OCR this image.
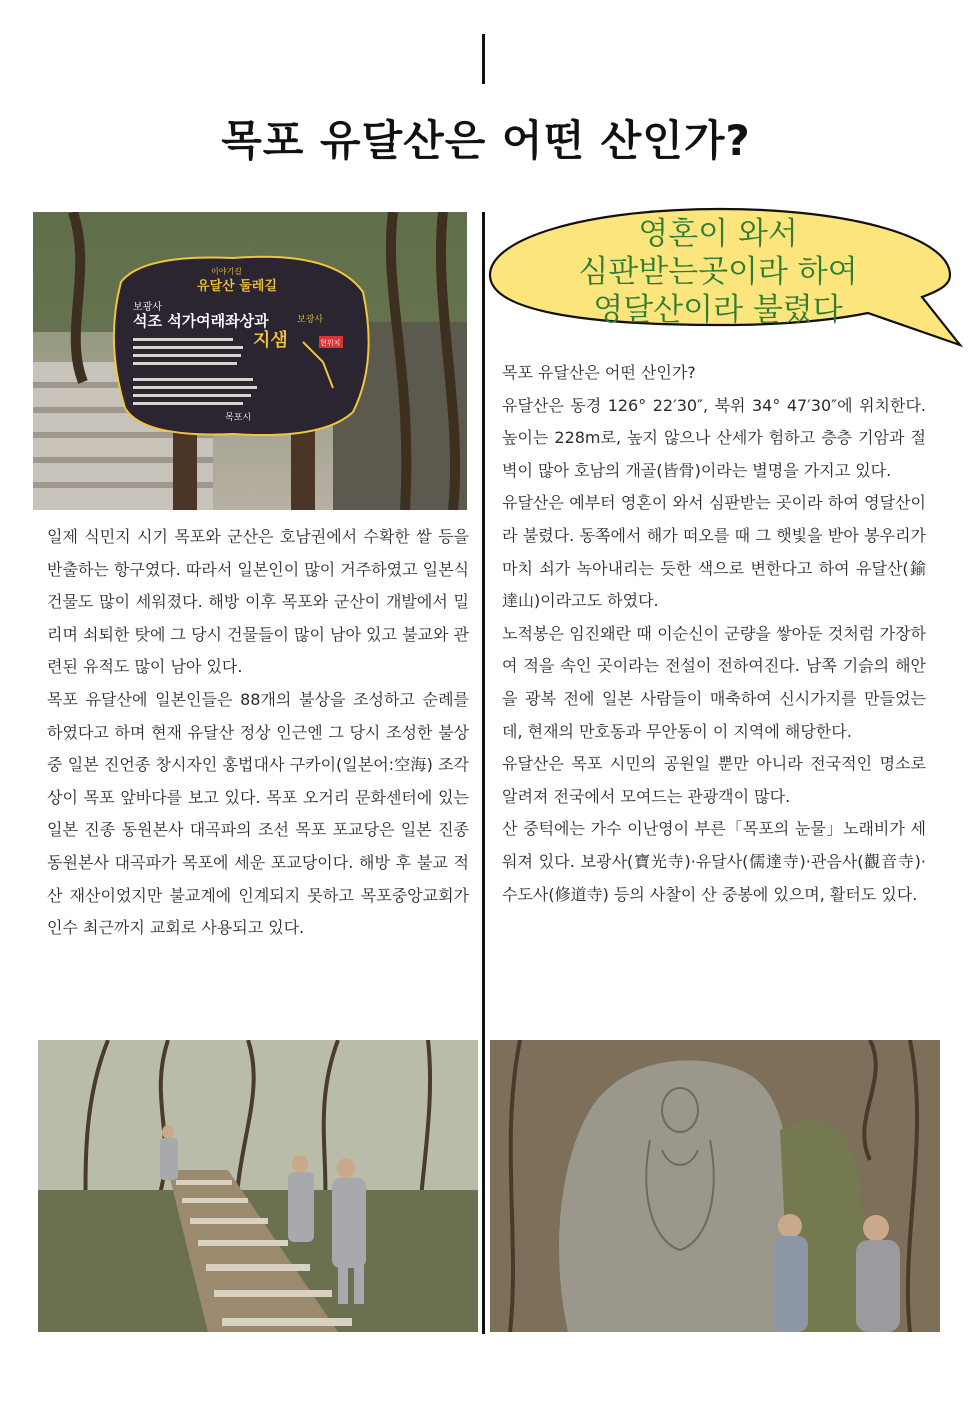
목포 유달산은 어떤 산인가?
이야기길
유달산 둘레길
보광사
석조 석가여래좌상과
지샘
보광사
현위치
목포시
영혼이 와서
심판받는곳이라 하여
영달산이라 불렸다

일제 식민지 시기 목포와 군산은 호남권에서 수확한 쌀 등을 반출하는 항구였다. 따라서 일본인이 많이 거주하였고 일본식 건물도 많이 세워졌다. 해방 이후 목포와 군산이 개발에서 밀리며 쇠퇴한 탓에 그 당시 건물들이 많이 남아 있고 불교와 관련된 유적도 많이 남아 있다.

목포 유달산에 일본인들은 88개의 불상을 조성하고 순례를 하였다고 하며 현재 유달산 정상 인근엔 그 당시 조성한 불상 중 일본 진언종 창시자인 홍법대사 구카이(일본어:空海) 조각상이 목포 앞바다를 보고 있다. 목포 오거리 문화센터에 있는 일본 진종 동원본사 대곡파의 조선 목포 포교당은 일본 진종 동원본사 대곡파가 목포에 세운 포교당이다. 해방 후 불교 적산 재산이었지만 불교계에 인계되지 못하고 목포중앙교회가 인수 최근까지 교회로 사용되고 있다.

목포 유달산은 어떤 산인가?

유달산은 동경 126° 22′30″, 북위 34° 47′30″에 위치한다. 높이는 228m로, 높지 않으나 산세가 험하고 층층 기암과 절벽이 많아 호남의 개골(皆骨)이라는 별명을 가지고 있다.

유달산은 예부터 영혼이 와서 심판받는 곳이라 하여 영달산이라 불렸다. 동쪽에서 해가 떠오를 때 그 햇빛을 받아 봉우리가 마치 쇠가 녹아내리는 듯한 색으로 변한다고 하여 유달산(鍮達山)이라고도 하였다.

노적봉은 임진왜란 때 이순신이 군량을 쌓아둔 것처럼 가장하여 적을 속인 곳이라는 전설이 전하여진다. 남쪽 기슭의 해안을 광복 전에 일본 사람들이 매축하여 신시가지를 만들었는데, 현재의 만호동과 무안동이 이 지역에 해당한다.

유달산은 목포 시민의 공원일 뿐만 아니라 전국적인 명소로 알려져 전국에서 모여드는 관광객이 많다.

산 중턱에는 가수 이난영이 부른「목포의 눈물」노래비가 세워져 있다. 보광사(寶光寺)·유달사(儒達寺)·관음사(觀音寺)·수도사(修道寺) 등의 사찰이 산 중봉에 있으며, 활터도 있다.
